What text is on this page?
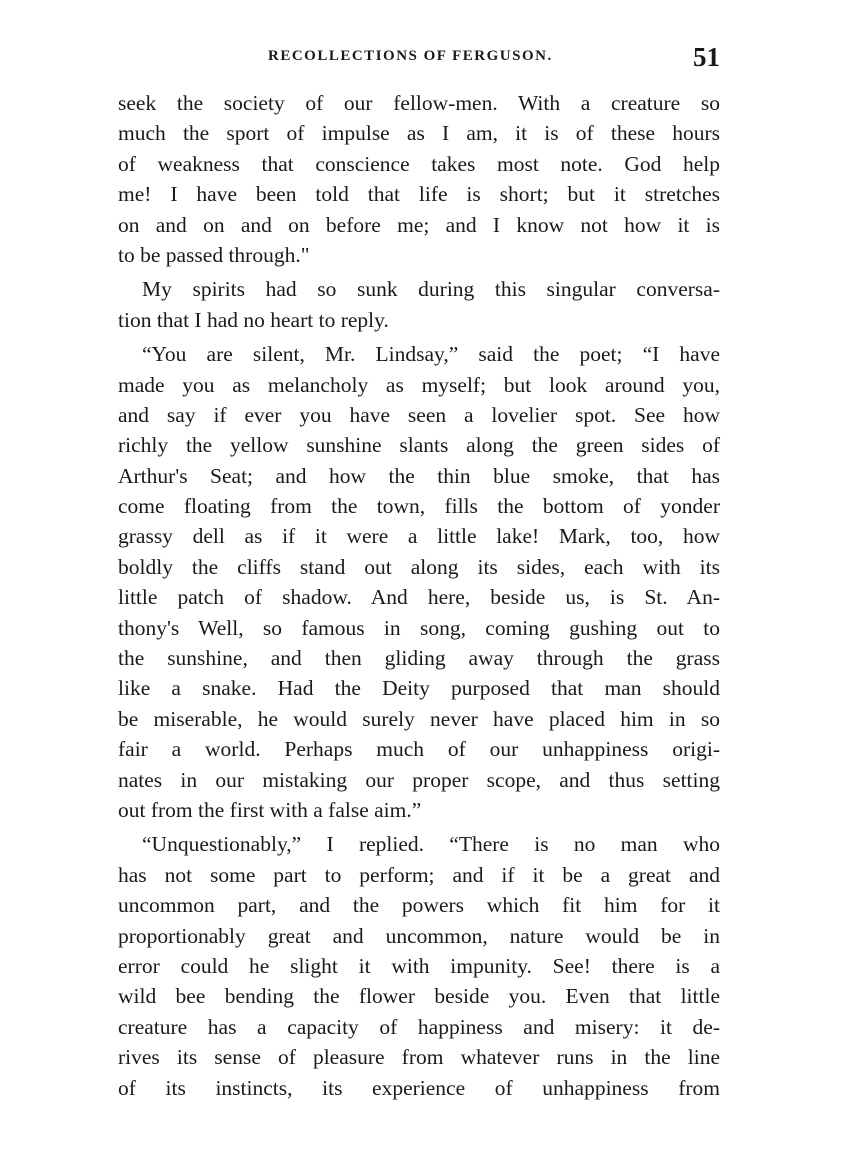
RECOLLECTIONS OF FERGUSON.	51
seek the society of our fellow-men. With a creature so
much the sport of impulse as I am, it is of these hours
of weakness that conscience takes most note. God help
me! I have been told that life is short; but it stretches
on and on and on before me; and I know not how it is
to be passed through."
My spirits had so sunk during this singular conversa-
tion that I had no heart to reply.
“You are silent, Mr. Lindsay,” said the poet; “I have
made you as melancholy as myself; but look around you,
and say if ever you have seen a lovelier spot. See how
richly the yellow sunshine slants along the green sides of
Arthur's Seat; and how the thin blue smoke, that has
come floating from the town, fills the bottom of yonder
grassy dell as if it were a little lake! Mark, too, how
boldly the cliffs stand out along its sides, each with its
little patch of shadow. And here, beside us, is St. An-
thony's Well, so famous in song, coming gushing out to
the sunshine, and then gliding away through the grass
like a snake. Had the Deity purposed that man should
be miserable, he would surely never have placed him in so
fair a world. Perhaps much of our unhappiness origi-
nates in our mistaking our proper scope, and thus setting
out from the first with a false aim.”
“Unquestionably,” I replied. “There is no man who
has not some part to perform; and if it be a great and
uncommon part, and the powers which fit him for it
proportionably great and uncommon, nature would be in
error could he slight it with impunity. See! there is a
wild bee bending the flower beside you. Even that little
creature has a capacity of happiness and misery: it de-
rives its sense of pleasure from whatever runs in the line
of its instincts, its experience of unhappiness from
